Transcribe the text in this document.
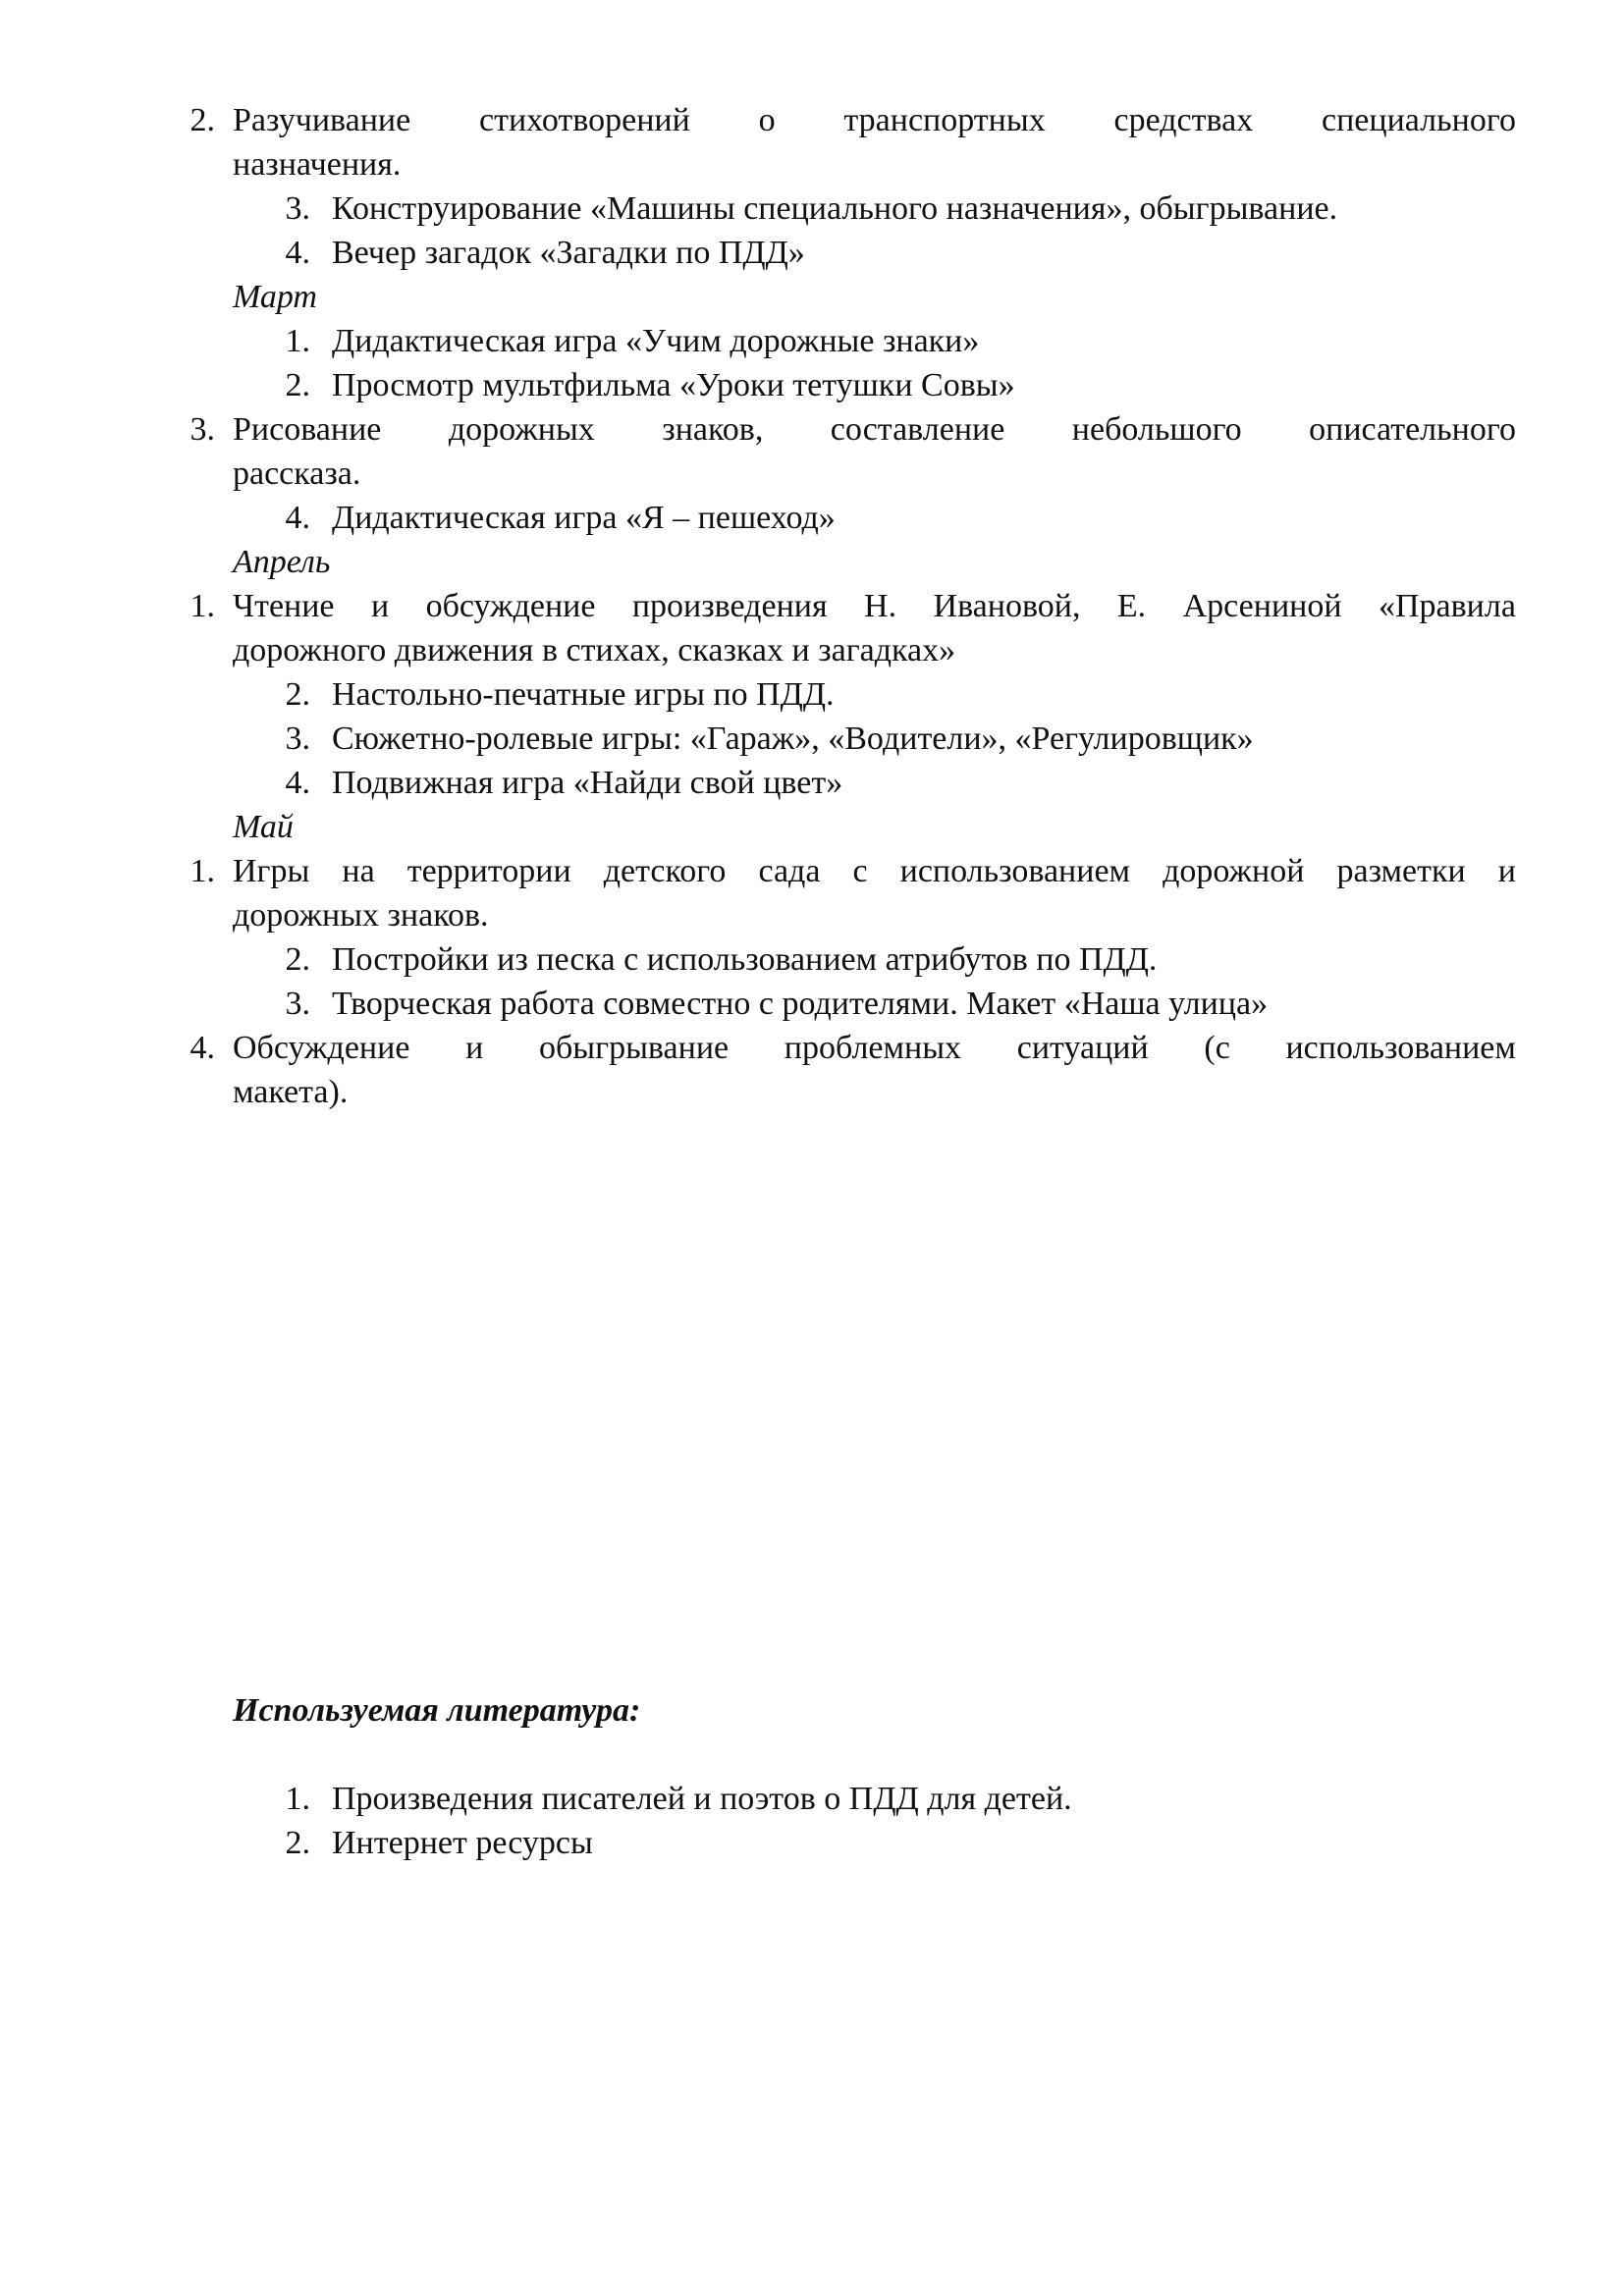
2. Разучивание стихотворений о транспортных средствах специального
назначения.
3. Конструирование «Машины специального назначения», обыгрывание.
4. Вечер загадок «Загадки по ПДД»
Март
1. Дидактическая игра «Учим дорожные знаки»
2. Просмотр мультфильма «Уроки тетушки Совы»
3. Рисование дорожных знаков, составление небольшого описательного
рассказа.
4. Дидактическая игра «Я – пешеход»
Апрель
1. Чтение и обсуждение произведения Н. Ивановой, Е. Арсениной «Правила
дорожного движения в стихах, сказках и загадках»
2. Настольно-печатные игры по ПДД.
3. Сюжетно-ролевые игры: «Гараж», «Водители», «Регулировщик»
4. Подвижная игра «Найди свой цвет»
Май
1. Игры на территории детского сада с использованием дорожной разметки и
дорожных знаков.
2. Постройки из песка с использованием атрибутов по ПДД.
3. Творческая работа совместно с родителями. Макет «Наша улица»
4. Обсуждение и обыгрывание проблемных ситуаций (с использованием
макета).
Используемая литература:
1. Произведения писателей и поэтов о ПДД для детей.
2. Интернет ресурсы
